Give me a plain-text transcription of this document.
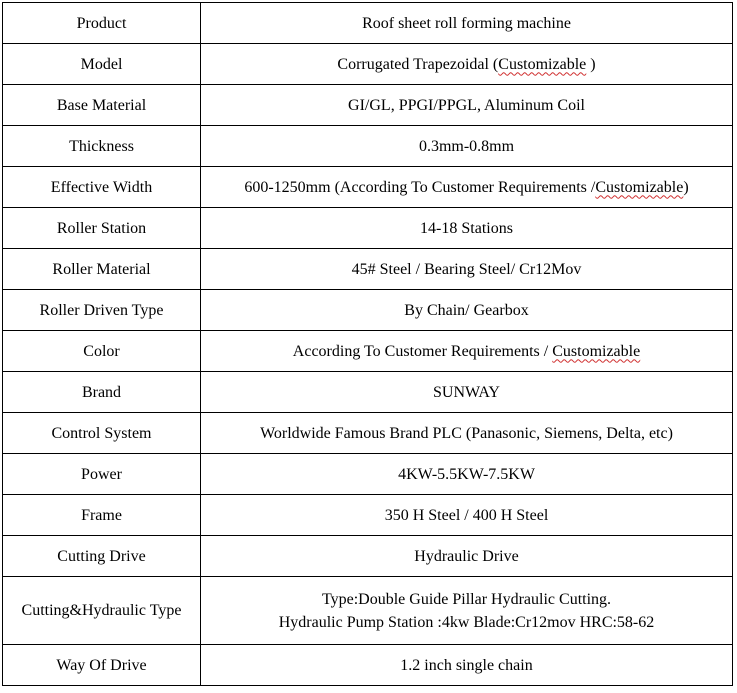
Product	Roof sheet roll forming machine
Model	Corrugated Trapezoidal (Customizable )
Base Material	GI/GL, PPGI/PPGL, Aluminum Coil
Thickness	0.3mm-0.8mm
Effective Width	600-1250mm (According To Customer Requirements /Customizable)
Roller Station	14-18 Stations
Roller Material	45# Steel / Bearing Steel/ Cr12Mov
Roller Driven Type	By Chain/ Gearbox
Color	According To Customer Requirements / Customizable
Brand	SUNWAY
Control System	Worldwide Famous Brand PLC (Panasonic, Siemens, Delta, etc)
Power	4KW-5.5KW-7.5KW
Frame	350 H Steel / 400 H Steel
Cutting Drive	Hydraulic Drive
Cutting&Hydraulic Type	Type:Double Guide Pillar Hydraulic Cutting.
Hydraulic Pump Station :4kw Blade:Cr12mov HRC:58-62

Way Of Drive	1.2 inch single chain
